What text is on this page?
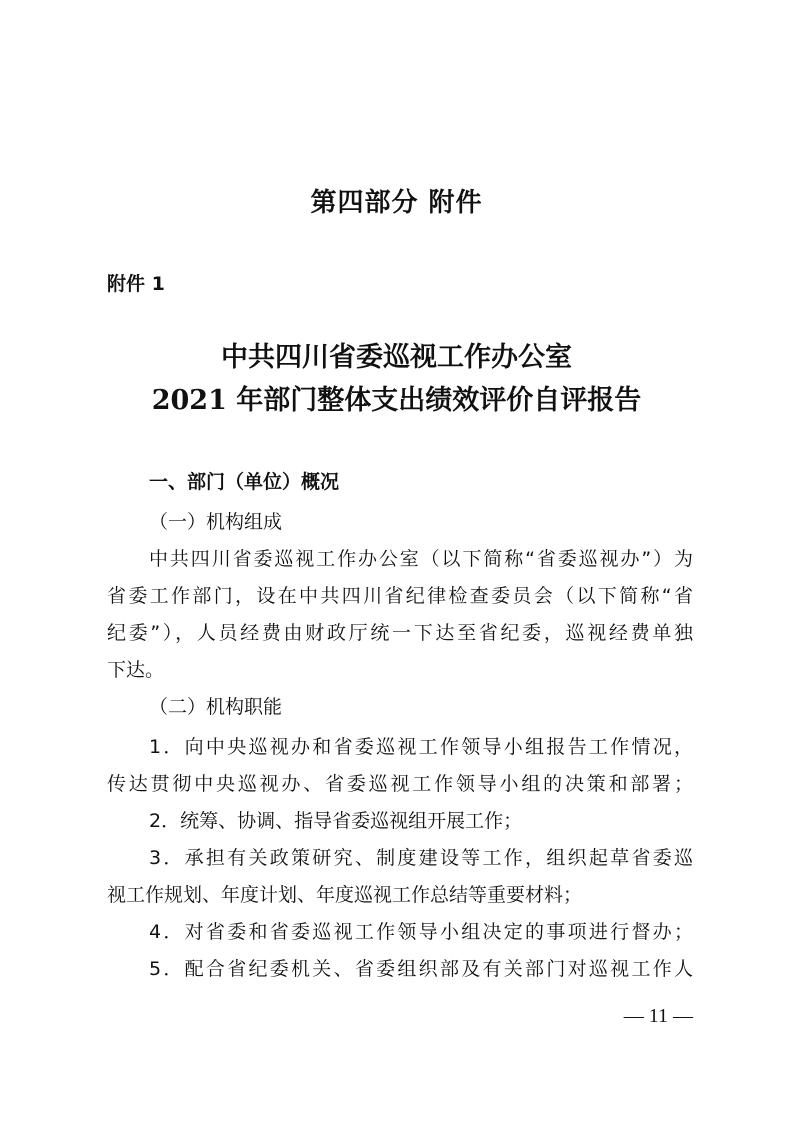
第四部分 附件
附件 1
中共四川省委巡视工作办公室
2021 年部门整体支出绩效评价自评报告
一、部门（单位）概况
（一）机构组成
中共四川省委巡视工作办公室（以下简称“省委巡视办”）为
省委工作部门，设在中共四川省纪律检查委员会（以下简称“省
纪委”），人员经费由财政厅统一下达至省纪委，巡视经费单独
下达。
（二）机构职能
1．向中央巡视办和省委巡视工作领导小组报告工作情况，
传达贯彻中央巡视办、省委巡视工作领导小组的决策和部署；
2．统筹、协调、指导省委巡视组开展工作；
3．承担有关政策研究、制度建设等工作，组织起草省委巡
视工作规划、年度计划、年度巡视工作总结等重要材料；
4．对省委和省委巡视工作领导小组决定的事项进行督办；
5．配合省纪委机关、省委组织部及有关部门对巡视工作人
— 11 —
